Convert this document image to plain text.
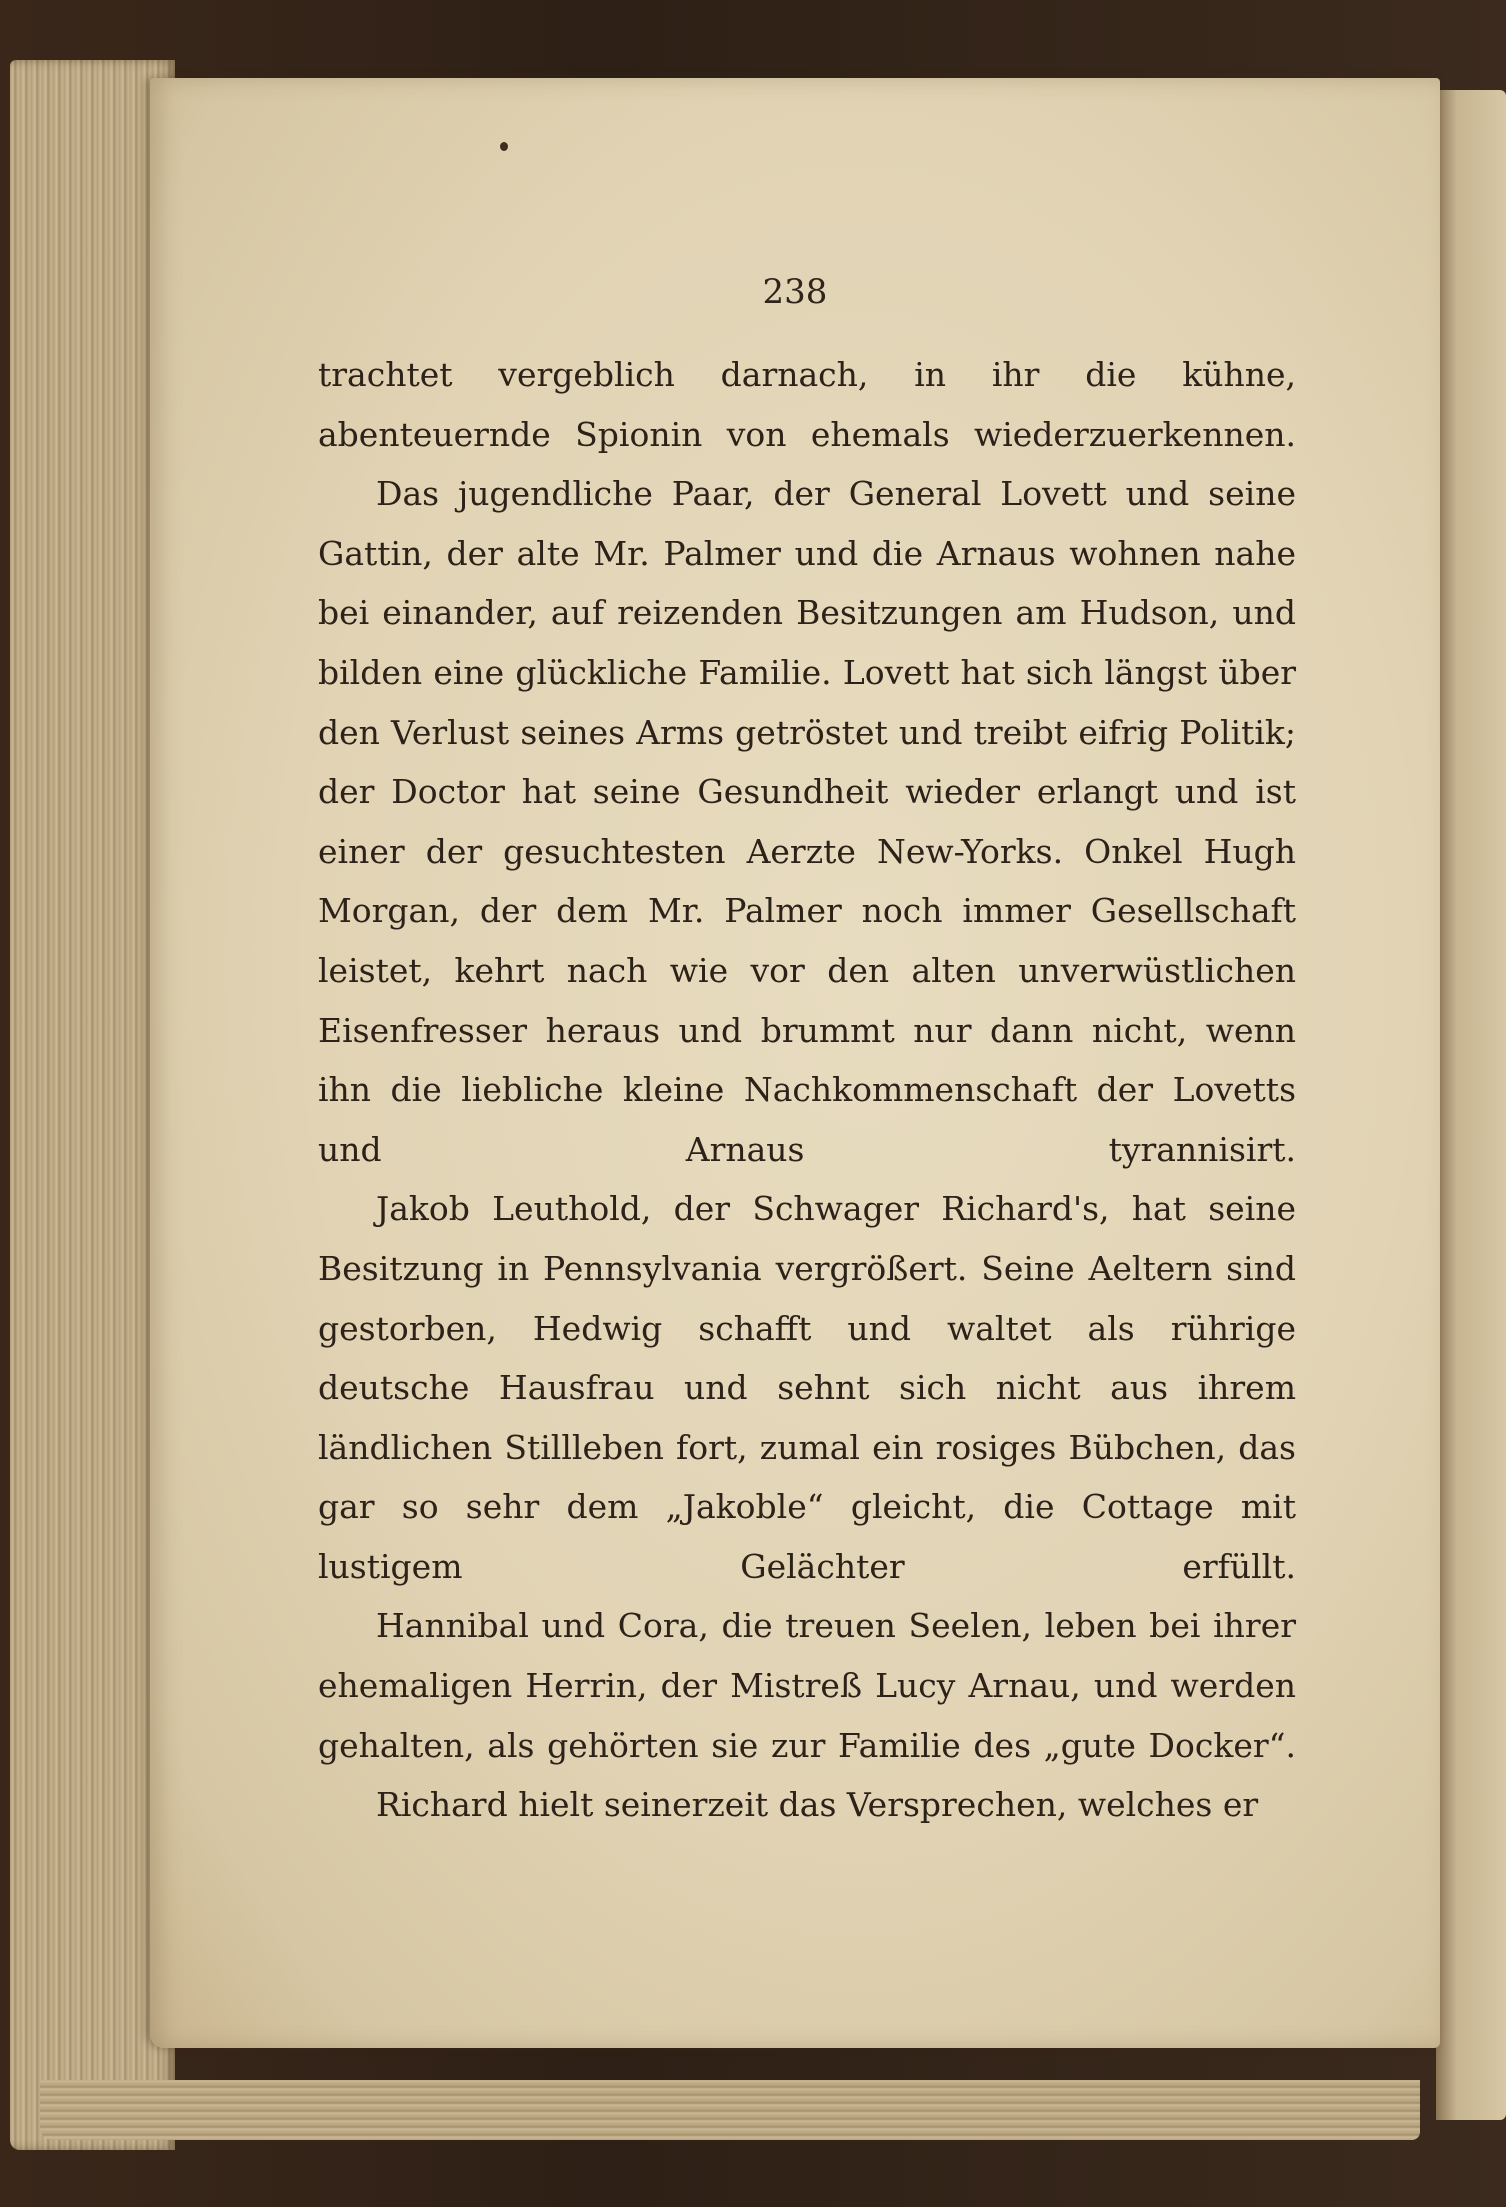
238

trachtet vergeblich darnach, in ihr die kühne, abenteuernde Spionin von ehemals wiederzuerkennen.

Das jugendliche Paar, der General Lovett und seine Gattin, der alte Mr. Palmer und die Arnaus wohnen nahe bei einander, auf reizenden Besitzungen am Hudson, und bilden eine glückliche Familie. Lovett hat sich längst über den Verlust seines Arms getröstet und treibt eifrig Politik; der Doctor hat seine Gesundheit wieder erlangt und ist einer der gesuchtesten Aerzte New-Yorks. Onkel Hugh Morgan, der dem Mr. Palmer noch immer Gesellschaft leistet, kehrt nach wie vor den alten unverwüstlichen Eisenfresser heraus und brummt nur dann nicht, wenn ihn die liebliche kleine Nachkommenschaft der Lovetts und Arnaus tyrannisirt.

Jakob Leuthold, der Schwager Richard's, hat seine Besitzung in Pennsylvania vergrößert. Seine Aeltern sind gestorben, Hedwig schafft und waltet als rührige deutsche Hausfrau und sehnt sich nicht aus ihrem ländlichen Stillleben fort, zumal ein rosiges Bübchen, das gar so sehr dem „Jakoble“ gleicht, die Cottage mit lustigem Gelächter erfüllt.

Hannibal und Cora, die treuen Seelen, leben bei ihrer ehemaligen Herrin, der Mistreß Lucy Arnau, und werden gehalten, als gehörten sie zur Familie des „gute Docker“.

Richard hielt seinerzeit das Versprechen, welches er
